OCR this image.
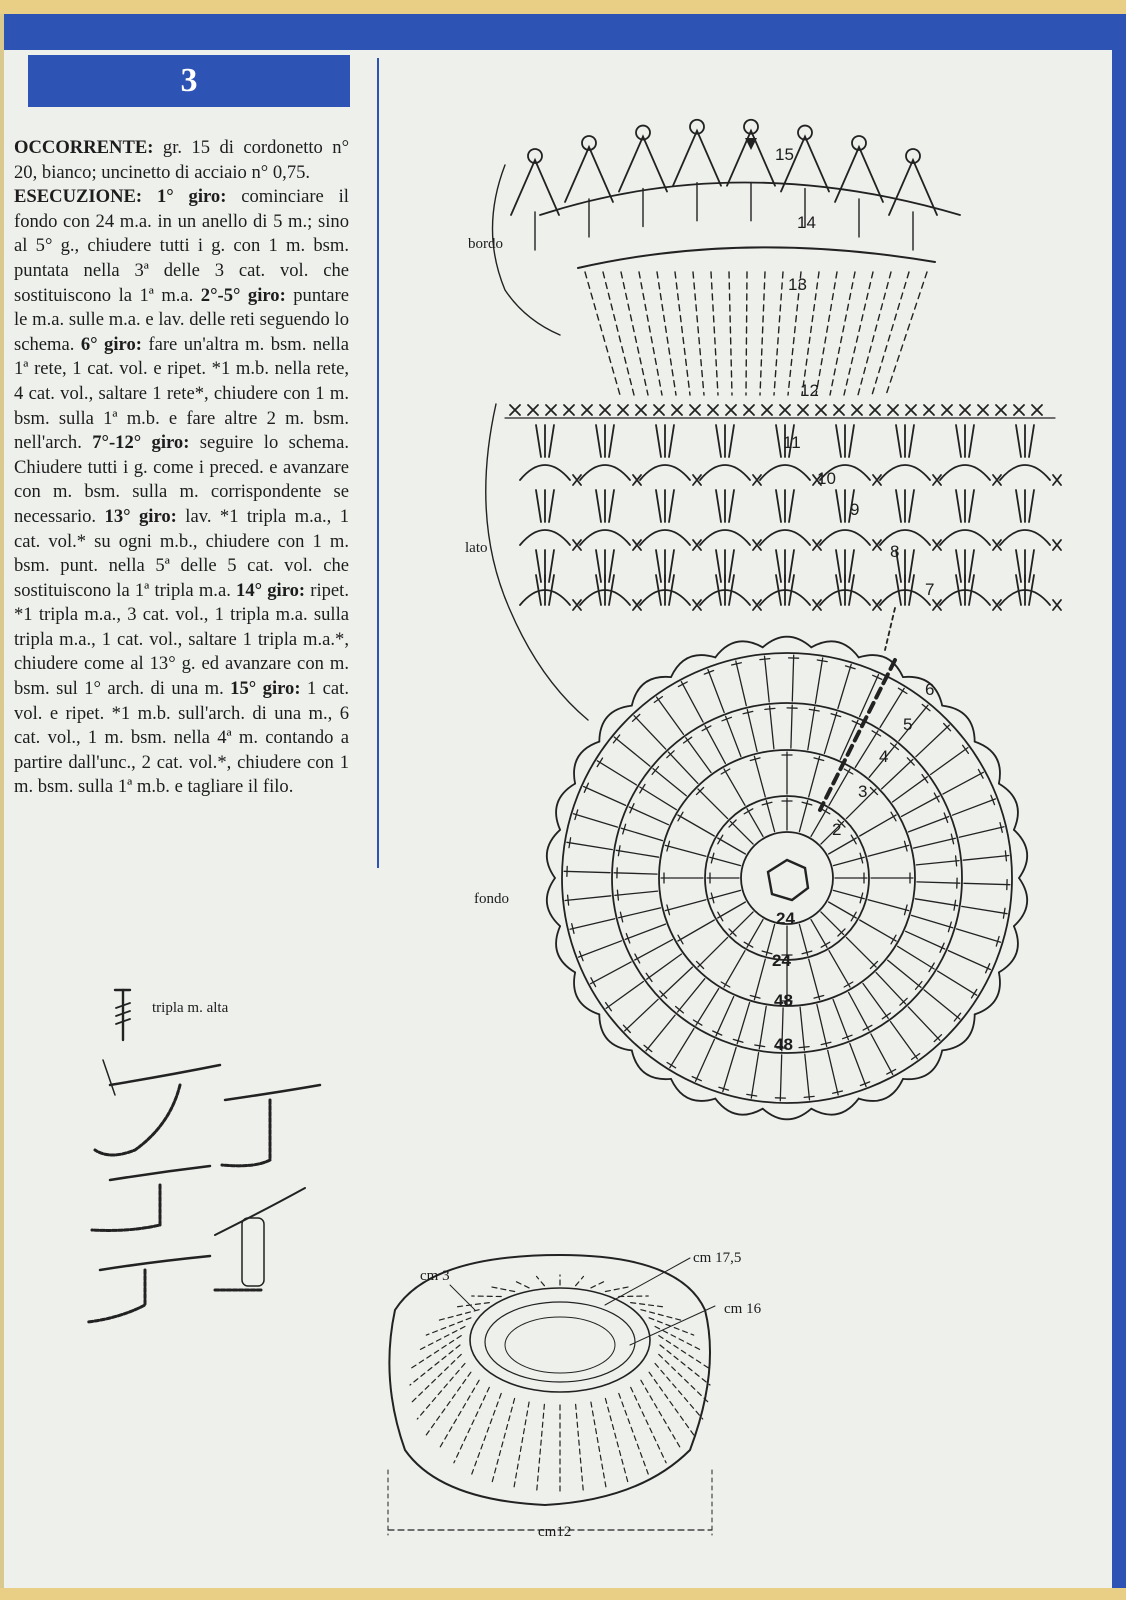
3

OCCORRENTE: gr. 15 di cordonetto n° 20, bianco; uncinetto di acciaio n° 0,75.
ESECUZIONE: 1° giro: cominciare il fondo con 24 m.a. in un anello di 5 m.; sino al 5° g., chiudere tutti i g. con 1 m. bsm. puntata nella 3ª delle 3 cat. vol. che sostituiscono la 1ª m.a. 2°-5° giro: puntare le m.a. sulle m.a. e lav. delle reti seguendo lo schema. 6° giro: fare un'altra m. bsm. nella 1ª rete, 1 cat. vol. e ripet. *1 m.b. nella rete, 4 cat. vol., saltare 1 rete*, chiudere con 1 m. bsm. sulla 1ª m.b. e fare altre 2 m. bsm. nell'arch. 7°-12° giro: seguire lo schema. Chiudere tutti i g. come i preced. e avanzare con m. bsm. sulla m. corrispondente se necessario. 13° giro: lav. *1 tripla m.a., 1 cat. vol.* su ogni m.b., chiudere con 1 m. bsm. punt. nella 5ª delle 5 cat. vol. che sostituiscono la 1ª tripla m.a. 14° giro: ripet. *1 tripla m.a., 3 cat. vol., 1 tripla m.a. sulla tripla m.a., 1 cat. vol., saltare 1 tripla m.a.*, chiudere come al 13° g. ed avanzare con m. bsm. sul 1° arch. di una m. 15° giro: 1 cat. vol. e ripet. *1 m.b. sull'arch. di una m., 6 cat. vol., 1 m. bsm. nella 4ª m. contando a partire dall'unc., 2 cat. vol.*, chiudere con 1 m. bsm. sulla 1ª m.b. e tagliare il filo.

bordo
lato
fondo
2
3
4
5
6
7
8
9
10
11
12
13
14
15
24
24
48
48
tripla m. alta
cm 3
cm 17,5
cm 16
cm12
